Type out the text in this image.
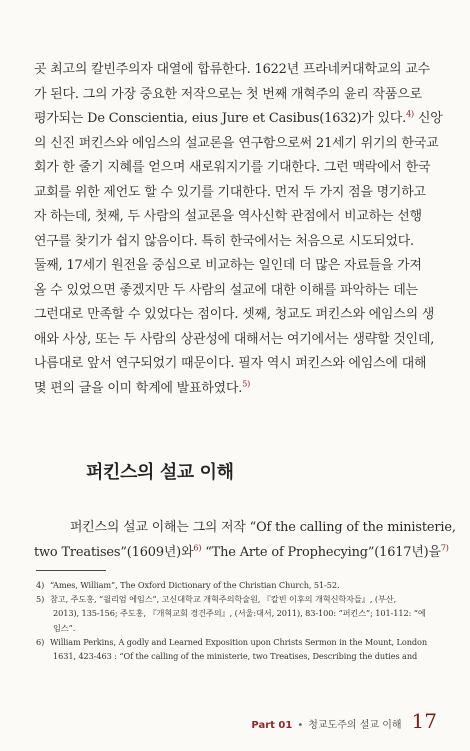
곳 최고의 칼빈주의자 대열에 합류한다. 1622년 프라네커대학교의 교수

가 된다. 그의 가장 중요한 저작으로는 첫 번째 개혁주의 윤리 작품으로

평가되는 De Conscientia, eius Jure et Casibus(1632)가 있다.$^{4)}$ 신앙

의 신진 퍼킨스와 에임스의 설교론을 연구함으로써 21세기 위기의 한국교

회가 한 줄기 지혜를 얻으며 새로워지기를 기대한다. 그런 맥락에서 한국

교회를 위한 제언도 할 수 있기를 기대한다. 먼저 두 가지 점을 명기하고

자 하는데, 첫째, 두 사람의 설교론을 역사신학 관점에서 비교하는 선행

연구를 찾기가 쉽지 않음이다. 특히 한국에서는 처음으로 시도되었다.

둘째, 17세기 원전을 중심으로 비교하는 일인데 더 많은 자료들을 가져

올 수 있었으면 좋겠지만 두 사람의 설교에 대한 이해를 파악하는 데는

그런대로 만족할 수 있었다는 점이다. 셋째, 청교도 퍼킨스와 에임스의 생

애와 사상, 또는 두 사람의 상관성에 대해서는 여기에서는 생략할 것인데,

나름대로 앞서 연구되었기 때문이다. 필자 역시 퍼킨스와 에임스에 대해

몇 편의 글을 이미 학계에 발표하였다.$^{5)}$

퍼킨스의 설교 이해

퍼킨스의 설교 이해는 그의 저작 “Of the calling of the ministerie,

two Treatises”(1609년)와$^{6)}$ “The Arte of Prophecying”(1617년)을$^{7)}$

4) “Ames, William”, The Oxford Dictionary of the Christian Church, 51-52.

5) 참고, 주도홍, “윌리엄 에임스”, 고신대학교 개혁주의학술원, 『칼빈 이후의 개혁신학자들』, (부산,

2013), 135-156; 주도홍, 『개혁교회 경건주의』, (서울:대서, 2011), 83-100: “퍼킨스”; 101-112: “에

임스”.

6) William Perkins, A godly and Learned Exposition upon Christs Sermon in the Mount, London

1631, 423-463 : “Of the calling of the ministerie, two Treatises, Describing the duties and

Part 01 • 청교도주의 설교 이해 17
